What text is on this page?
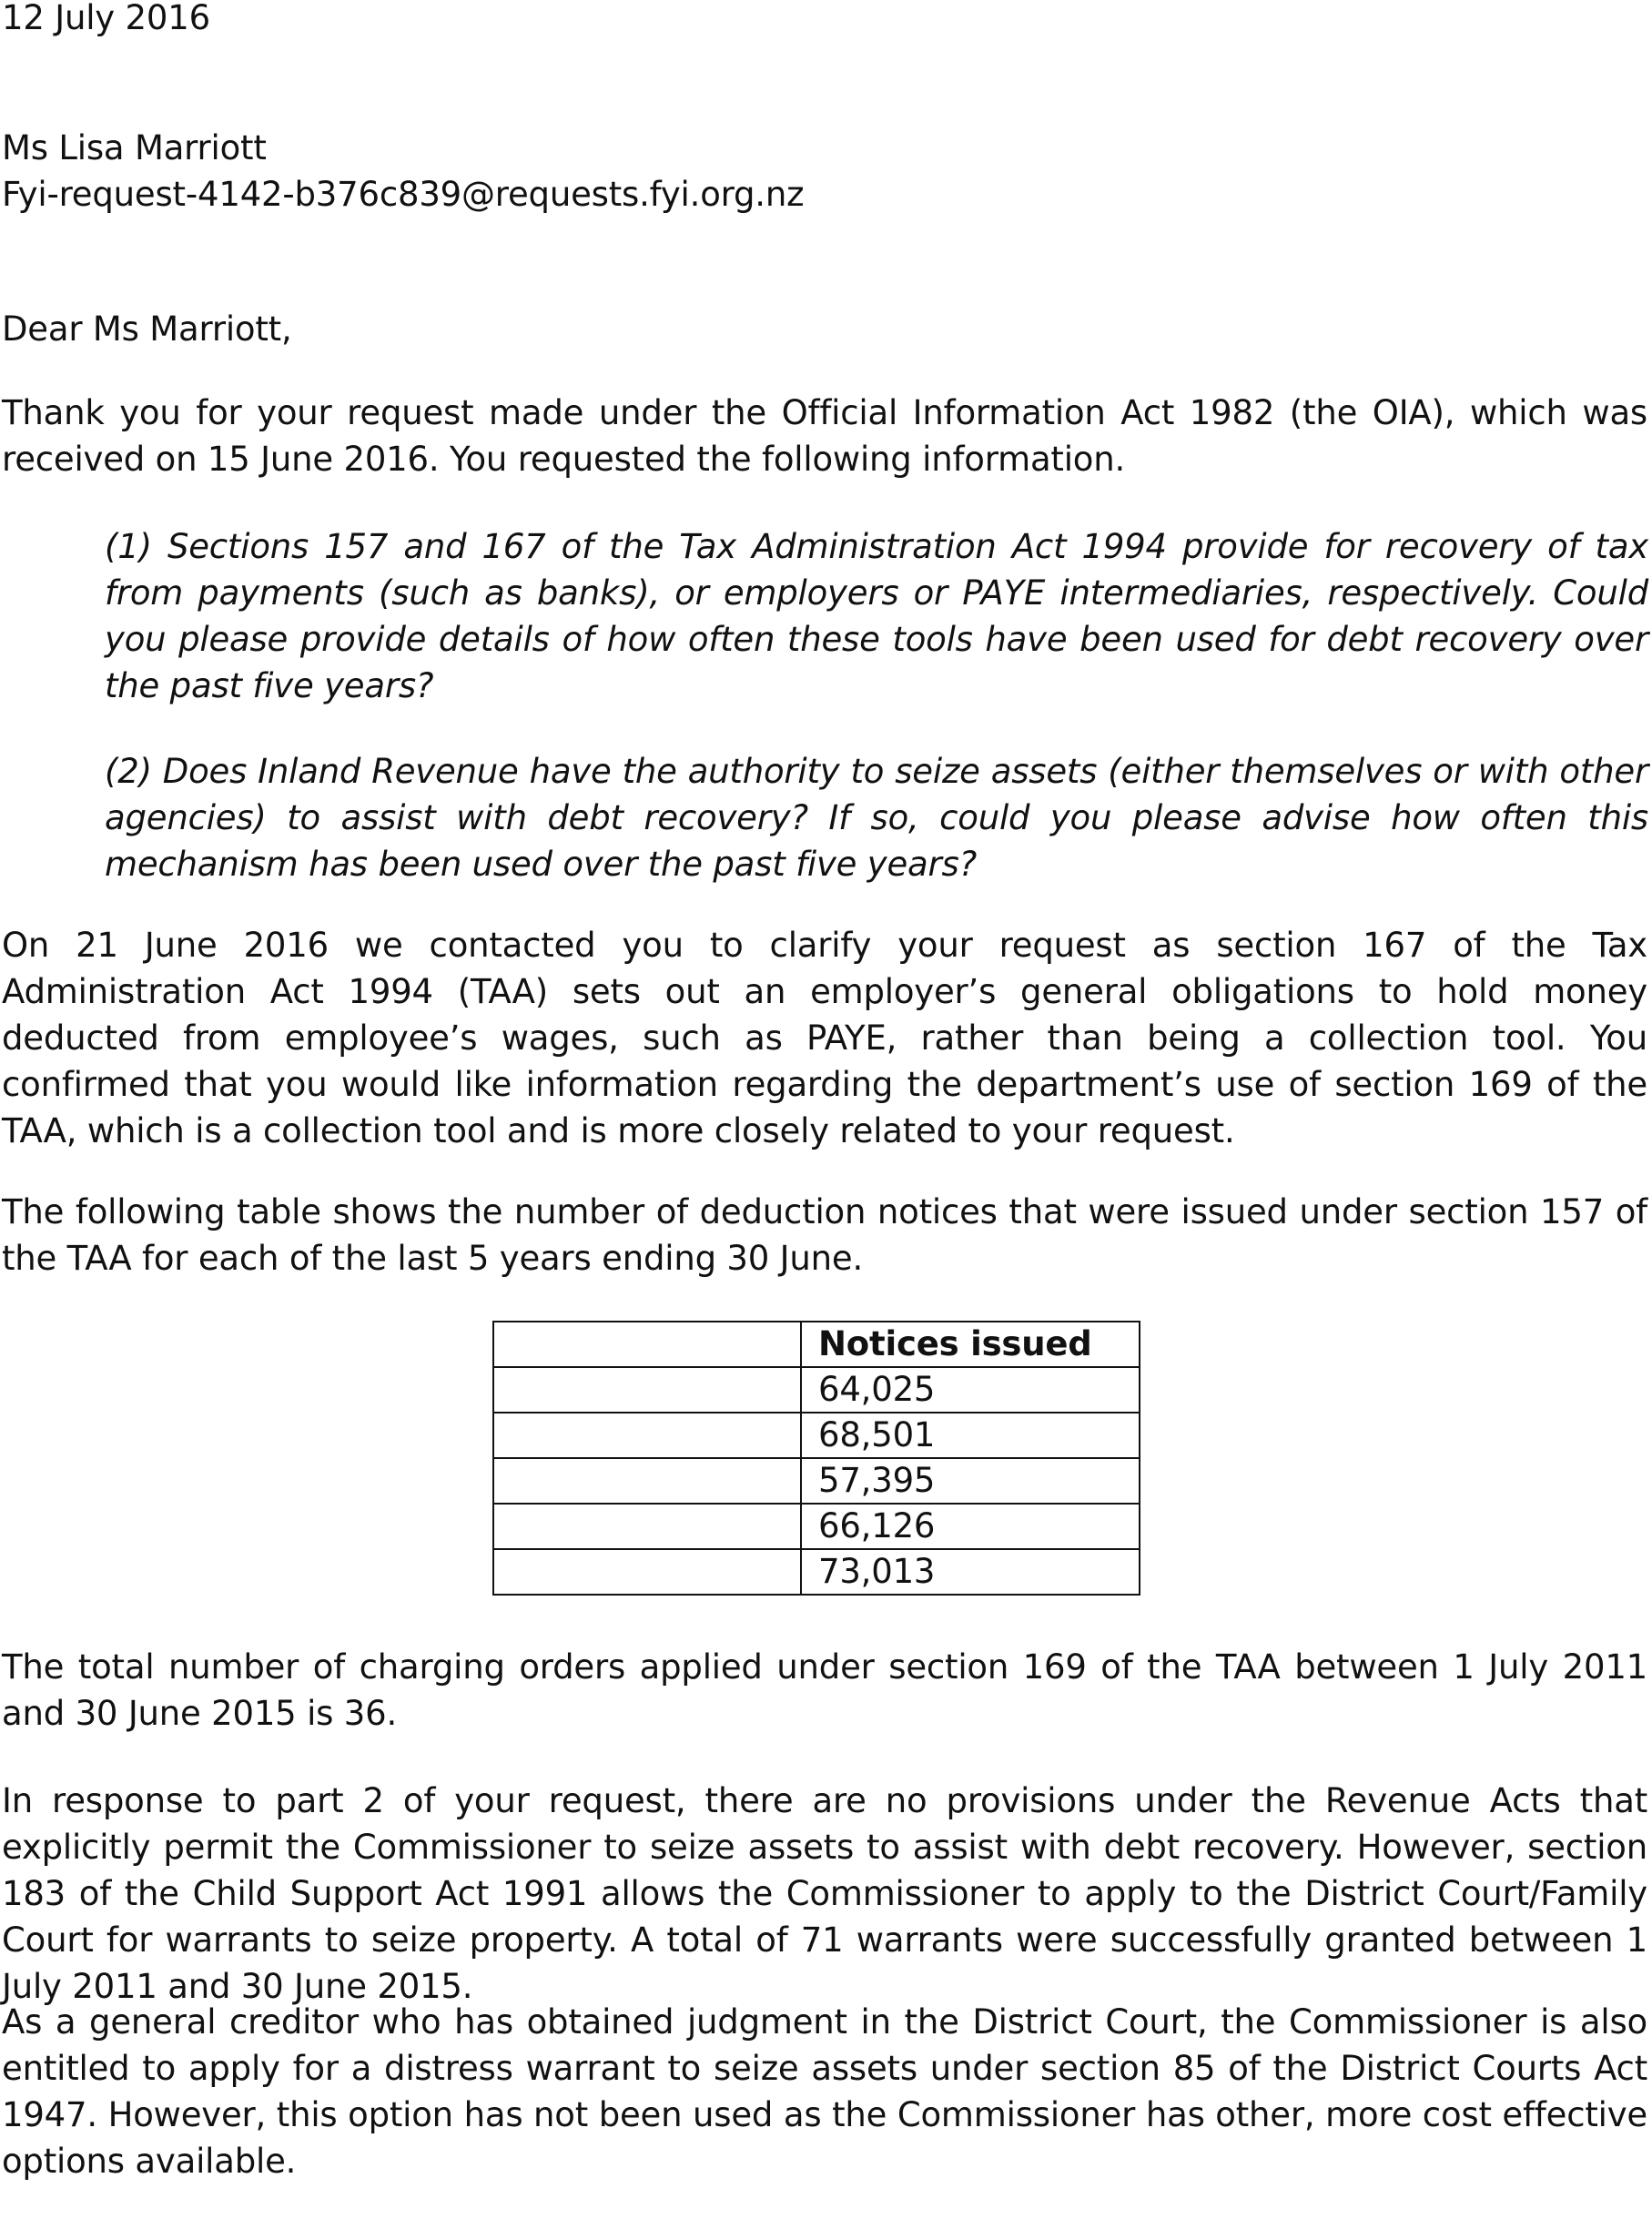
12 July 2016
Ms Lisa Marriott
Fyi-request-4142-b376c839@requests.fyi.org.nz
Dear Ms Marriott,
Thank you for your request made under the Official Information Act 1982 (the OIA), which was received on 15 June 2016. You requested the following information.
(1) Sections 157 and 167 of the Tax Administration Act 1994 provide for recovery of tax from payments (such as banks), or employers or PAYE intermediaries, respectively. Could you please provide details of how often these tools have been used for debt recovery over the past five years?
(2) Does Inland Revenue have the authority to seize assets (either themselves or with other agencies) to assist with debt recovery? If so, could you please advise how often this mechanism has been used over the past five years?
On 21 June 2016 we contacted you to clarify your request as section 167 of the Tax Administration Act 1994 (TAA) sets out an employer’s general obligations to hold money deducted from employee’s wages, such as PAYE, rather than being a collection tool. You confirmed that you would like information regarding the department’s use of section 169 of the TAA, which is a collection tool and is more closely related to your request.
The following table shows the number of deduction notices that were issued under section 157 of the TAA for each of the last 5 years ending 30 June.
	Notices issued
	64,025
	68,501
	57,395
	66,126
	73,013
The total number of charging orders applied under section 169 of the TAA between 1 July 2011 and 30 June 2015 is 36.
In response to part 2 of your request, there are no provisions under the Revenue Acts that explicitly permit the Commissioner to seize assets to assist with debt recovery. However, section 183 of the Child Support Act 1991 allows the Commissioner to apply to the District Court/Family Court for warrants to seize property. A total of 71 warrants were successfully granted between 1 July 2011 and 30 June 2015.
As a general creditor who has obtained judgment in the District Court, the Commissioner is also entitled to apply for a distress warrant to seize assets under section 85 of the District Courts Act 1947. However, this option has not been used as the Commissioner has other, more cost effective options available.
